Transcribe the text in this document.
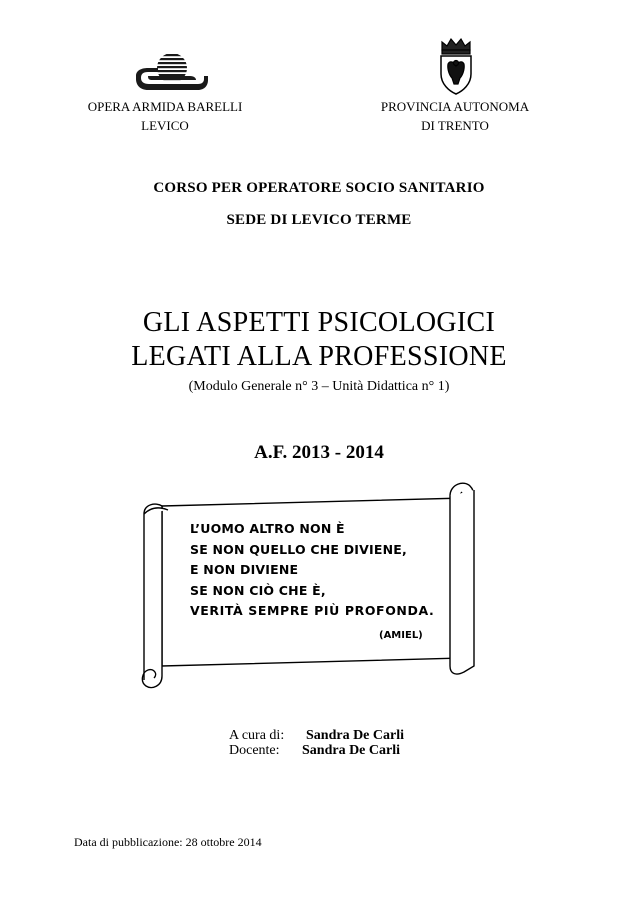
OPERA ARMIDA BARELLI
LEVICO
PROVINCIA AUTONOMA
DI TRENTO
CORSO PER OPERATORE SOCIO SANITARIO
SEDE DI LEVICO TERME
GLI ASPETTI PSICOLOGICI
LEGATI ALLA PROFESSIONE
(Modulo Generale n° 3 – Unità Didattica n° 1)
A.F. 2013 - 2014
L’UOMO ALTRO NON È
SE NON QUELLO CHE DIVIENE,
E NON DIVIENE
SE NON CIÒ CHE È,
VERITÀ SEMPRE PIÙ PROFONDA.
(AMIEL)
A cura di:	Sandra De Carli
Docente:	Sandra De Carli
Data di pubblicazione: 28 ottobre 2014
